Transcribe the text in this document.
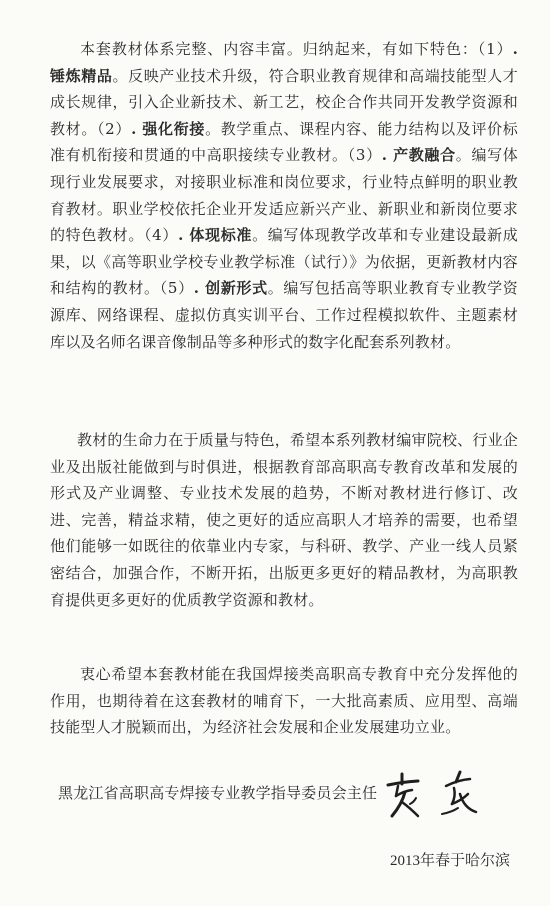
本套教材体系完整、内容丰富。归纳起来，有如下特色：（1）. 锤炼精品。反映产业技术升级，符合职业教育规律和高端技能型人才成长规律，引入企业新技术、新工艺，校企合作共同开发教学资源和教材。（2）. 强化衔接。教学重点、课程内容、能力结构以及评价标准有机衔接和贯通的中高职接续专业教材。（3）. 产教融合。编写体现行业发展要求，对接职业标准和岗位要求，行业特点鲜明的职业教育教材。职业学校依托企业开发适应新兴产业、新职业和新岗位要求的特色教材。（4）. 体现标准。编写体现教学改革和专业建设最新成果，以《高等职业学校专业教学标准（试行）》为依据，更新教材内容和结构的教材。（5）. 创新形式。编写包括高等职业教育专业教学资源库、网络课程、虚拟仿真实训平台、工作过程模拟软件、主题素材库以及名师名课音像制品等多种形式的数字化配套系列教材。

教材的生命力在于质量与特色，希望本系列教材编审院校、行业企业及出版社能做到与时俱进，根据教育部高职高专教育改革和发展的形式及产业调整、专业技术发展的趋势，不断对教材进行修订、改进、完善，精益求精，使之更好的适应高职人才培养的需要，也希望他们能够一如既往的依靠业内专家，与科研、教学、产业一线人员紧密结合，加强合作，不断开拓，出版更多更好的精品教材，为高职教育提供更多更好的优质教学资源和教材。

衷心希望本套教材能在我国焊接类高职高专教育中充分发挥他的作用，也期待着在这套教材的哺育下，一大批高素质、应用型、高端技能型人才脱颖而出，为经济社会发展和企业发展建功立业。

黑龙江省高职高专焊接专业教学指导委员会主任

2013年春于哈尔滨
